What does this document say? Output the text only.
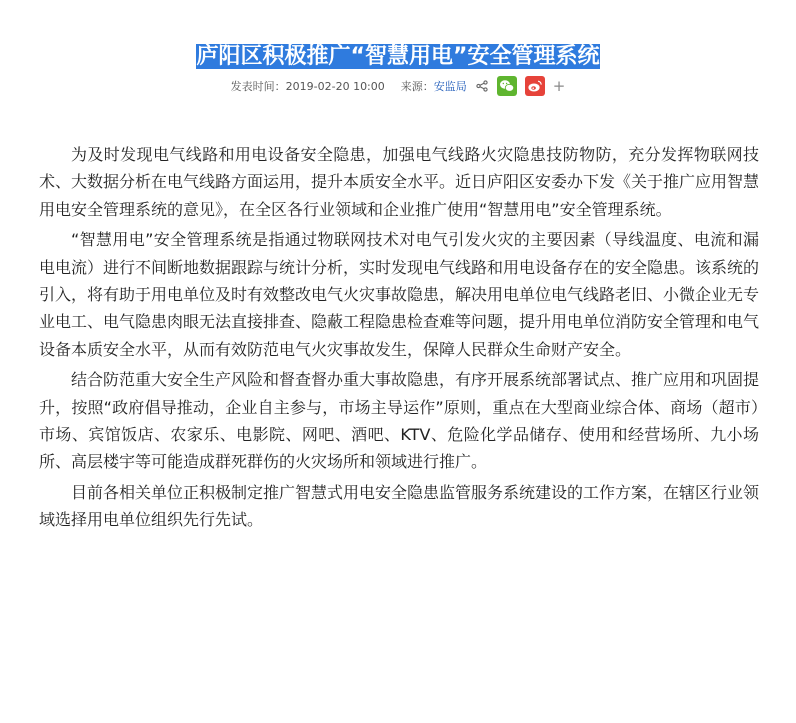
庐阳区积极推广“智慧用电”安全管理系统
发表时间： 2019-02-20 10:00 来源： 安监局	+

为及时发现电气线路和用电设备安全隐患，加强电气线路火灾隐患技防物防，充分发挥物联网技术、大数据分析在电气线路方面运用，提升本质安全水平。近日庐阳区安委办下发《关于推广应用智慧用电安全管理系统的意见》，在全区各行业领域和企业推广使用“智慧用电”安全管理系统。

“智慧用电”安全管理系统是指通过物联网技术对电气引发火灾的主要因素（导线温度、电流和漏电电流）进行不间断地数据跟踪与统计分析，实时发现电气线路和用电设备存在的安全隐患。该系统的引入，将有助于用电单位及时有效整改电气火灾事故隐患，解决用电单位电气线路老旧、小微企业无专业电工、电气隐患肉眼无法直接排查、隐蔽工程隐患检查难等问题，提升用电单位消防安全管理和电气设备本质安全水平，从而有效防范电气火灾事故发生，保障人民群众生命财产安全。

结合防范重大安全生产风险和督查督办重大事故隐患，有序开展系统部署试点、推广应用和巩固提升，按照“政府倡导推动，企业自主参与，市场主导运作”原则，重点在大型商业综合体、商场（超市）市场、宾馆饭店、农家乐、电影院、网吧、酒吧、KTV、危险化学品储存、使用和经营场所、九小场所、高层楼宇等可能造成群死群伤的火灾场所和领域进行推广。

目前各相关单位正积极制定推广智慧式用电安全隐患监管服务系统建设的工作方案，在辖区行业领域选择用电单位组织先行先试。
